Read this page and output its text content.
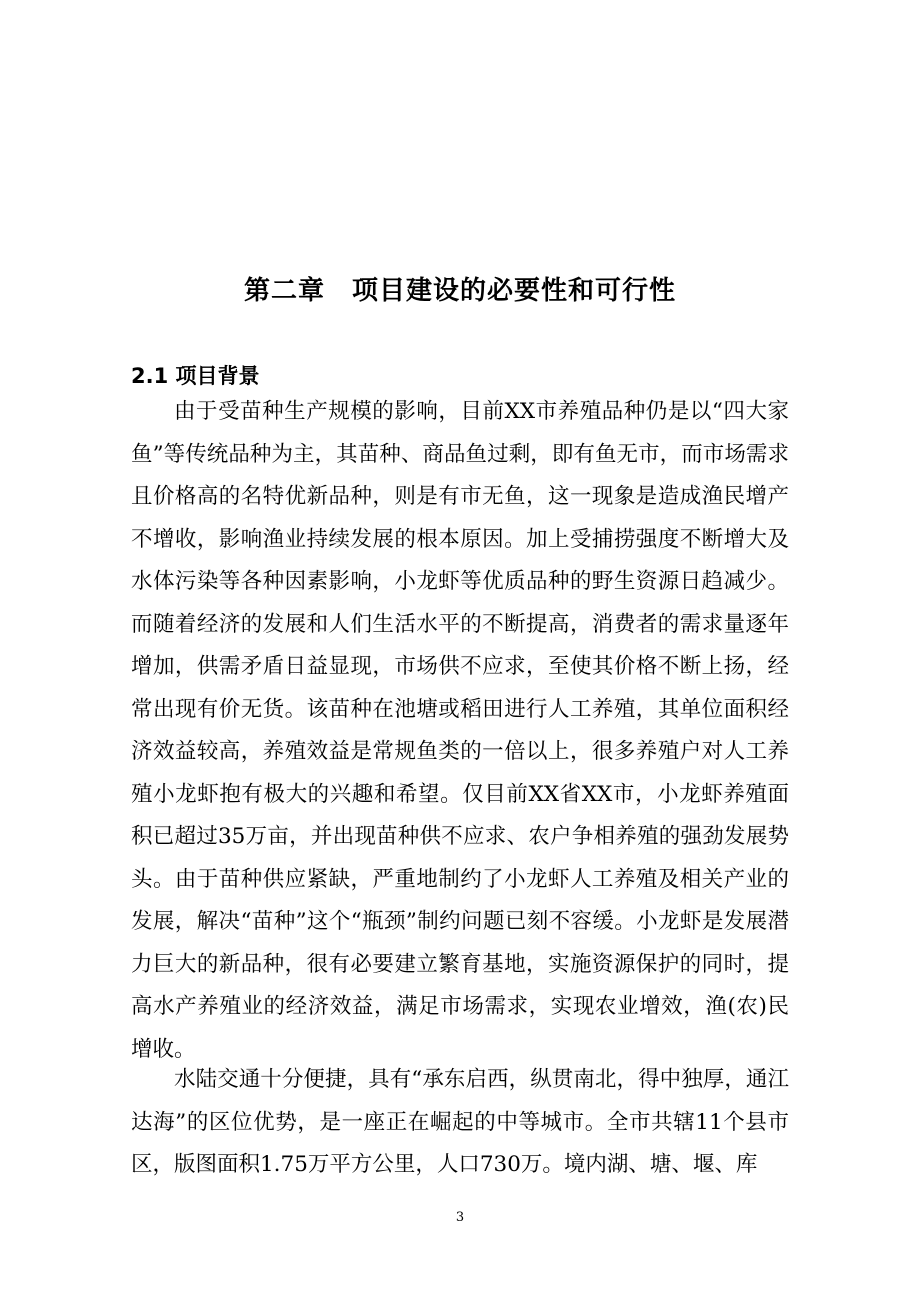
第二章　项目建设的必要性和可行性
2.1 项目背景

由于受苗种生产规模的影响，目前XX市养殖品种仍是以“四大家鱼”等传统品种为主，其苗种、商品鱼过剩，即有鱼无市，而市场需求且价格高的名特优新品种，则是有市无鱼，这一现象是造成渔民增产不增收，影响渔业持续发展的根本原因。加上受捕捞强度不断增大及水体污染等各种因素影响，小龙虾等优质品种的野生资源日趋减少。而随着经济的发展和人们生活水平的不断提高，消费者的需求量逐年增加，供需矛盾日益显现，市场供不应求，至使其价格不断上扬，经常出现有价无货。该苗种在池塘或稻田进行人工养殖，其单位面积经济效益较高，养殖效益是常规鱼类的一倍以上，很多养殖户对人工养殖小龙虾抱有极大的兴趣和希望。仅目前XX省XX市，小龙虾养殖面积已超过35万亩，并出现苗种供不应求、农户争相养殖的强劲发展势头。由于苗种供应紧缺，严重地制约了小龙虾人工养殖及相关产业的发展，解决“苗种”这个“瓶颈”制约问题已刻不容缓。小龙虾是发展潜力巨大的新品种，很有必要建立繁育基地，实施资源保护的同时，提高水产养殖业的经济效益，满足市场需求，实现农业增效，渔(农)民增收。

水陆交通十分便捷，具有“承东启西，纵贯南北，得中独厚，通江达海”的区位优势，是一座正在崛起的中等城市。全市共辖11个县市区，版图面积1.75万平方公里，人口730万。境内湖、塘、堰、库

3
